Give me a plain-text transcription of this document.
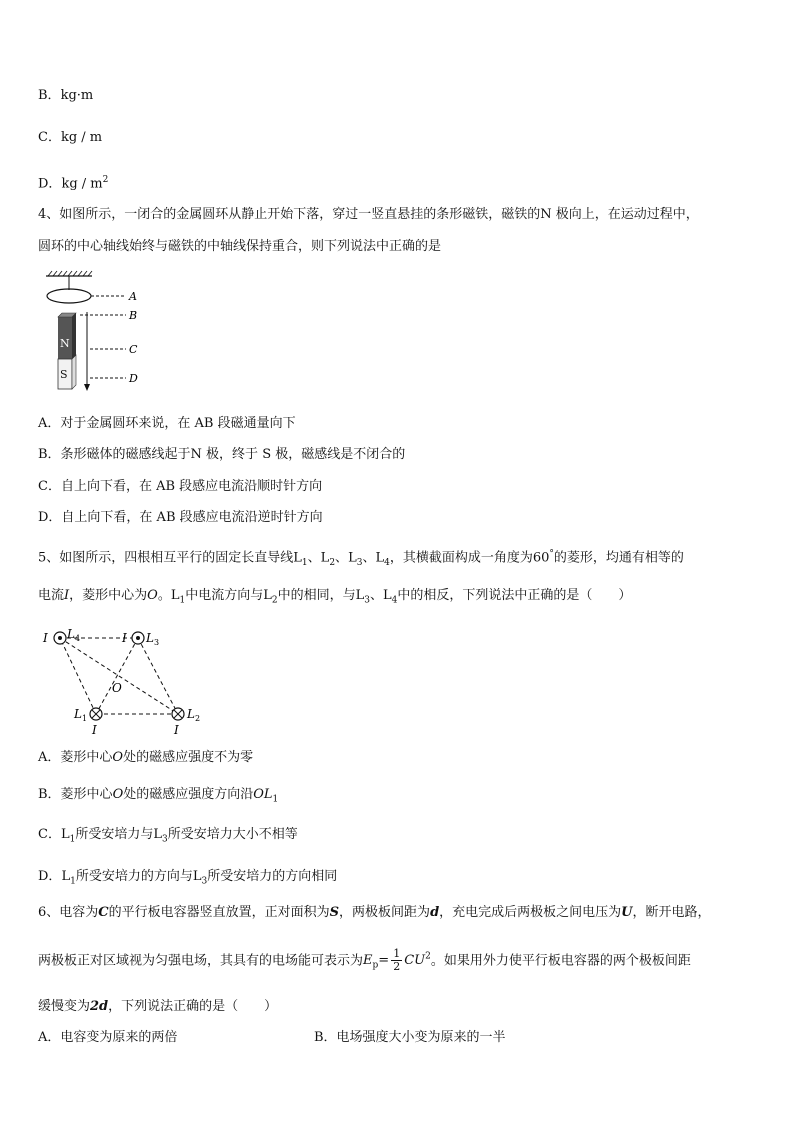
B．kg·m
C．kg / m
D．kg / $m^2$
4、如图所示，一闭合的金属圆环从静止开始下落，穿过一竖直悬挂的条形磁铁，磁铁的N 极向上，在运动过程中，
圆环的中心轴线始终与磁铁的中轴线保持重合，则下列说法中正确的是
N
S
A
B
C
D
A．对于金属圆环来说，在 AB 段磁通量向下
B．条形磁体的磁感线起于N 极，终于 S 极，磁感线是不闭合的
C．自上向下看，在 AB 段感应电流沿顺时针方向
D．自上向下看，在 AB 段感应电流沿逆时针方向
5、如图所示，四根相互平行的固定长直导线$L_1$、$L_2$、$L_3$、$L_4$，其横截面构成一角度为60°的菱形，均通有相等的
电流I，菱形中心为O。$L_1$中电流方向与$L_2$中的相同，与$L_3$、$L_4$中的相反，下列说法中正确的是（　　）
I $L_4$	I $L_3$
O
$L_1$
I
$L_2$
I
A．菱形中心O处的磁感应强度不为零
B．菱形中心O处的磁感应强度方向沿$OL_1$
C．$L_1$所受安培力与$L_3$所受安培力大小不相等
D．$L_1$所受安培力的方向与$L_3$所受安培力的方向相同
6、电容为C的平行板电容器竖直放置，正对面积为S，两极板间距为d，充电完成后两极板之间电压为U，断开电路，
两极板正对区域视为匀强电场，其具有的电场能可表示为$E_p= \frac{1}{2} CU^2$。如果用外力使平行板电容器的两个极板间距
缓慢变为2d，下列说法正确的是（　　）
A．电容变为原来的两倍	B．电场强度大小变为原来的一半
